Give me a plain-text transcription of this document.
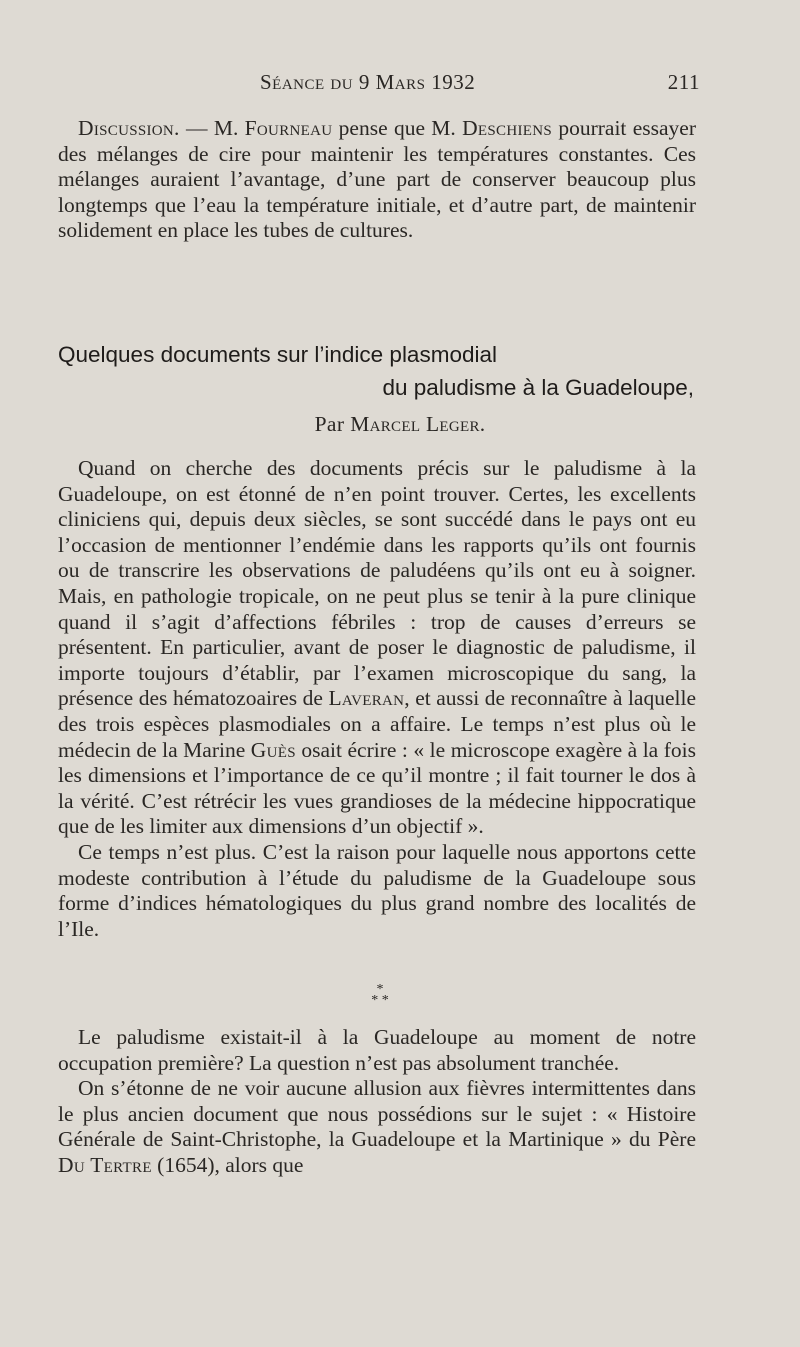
Séance du 9 Mars 1932	211

Discussion. — M. Fourneau pense que M. Deschiens pourrait essayer des mélanges de cire pour maintenir les températures constantes. Ces mélanges auraient l’avantage, d’une part de conserver beaucoup plus longtemps que l’eau la température initiale, et d’autre part, de maintenir solidement en place les tubes de cultures.

Quelques documents sur l’indice plasmodial
du paludisme à la Guadeloupe,
Par Marcel Leger.

Quand on cherche des documents précis sur le paludisme à la Guadeloupe, on est étonné de n’en point trouver. Certes, les excellents cliniciens qui, depuis deux siècles, se sont succédé dans le pays ont eu l’occasion de mentionner l’endémie dans les rapports qu’ils ont fournis ou de transcrire les observations de paludéens qu’ils ont eu à soigner. Mais, en pathologie tropicale, on ne peut plus se tenir à la pure clinique quand il s’agit d’affections fébriles : trop de causes d’erreurs se présentent. En particulier, avant de poser le diagnostic de paludisme, il importe toujours d’établir, par l’examen microscopique du sang, la présence des hématozoaires de Laveran, et aussi de reconnaître à laquelle des trois espèces plasmodiales on a affaire. Le temps n’est plus où le médecin de la Marine Guès osait écrire : « le microscope exagère à la fois les dimensions et l’importance de ce qu’il montre ; il fait tourner le dos à la vérité. C’est rétrécir les vues grandioses de la médecine hippocratique que de les limiter aux dimensions d’un objectif ».

Ce temps n’est plus. C’est la raison pour laquelle nous apportons cette modeste contribution à l’étude du paludisme de la Guadeloupe sous forme d’indices hématologiques du plus grand nombre des localités de l’Ile.

*
* *

Le paludisme existait-il à la Guadeloupe au moment de notre occupation première? La question n’est pas absolument tranchée.

On s’étonne de ne voir aucune allusion aux fièvres intermittentes dans le plus ancien document que nous possédions sur le sujet : « Histoire Générale de Saint-Christophe, la Guadeloupe et la Martinique » du Père Du Tertre (1654), alors que
